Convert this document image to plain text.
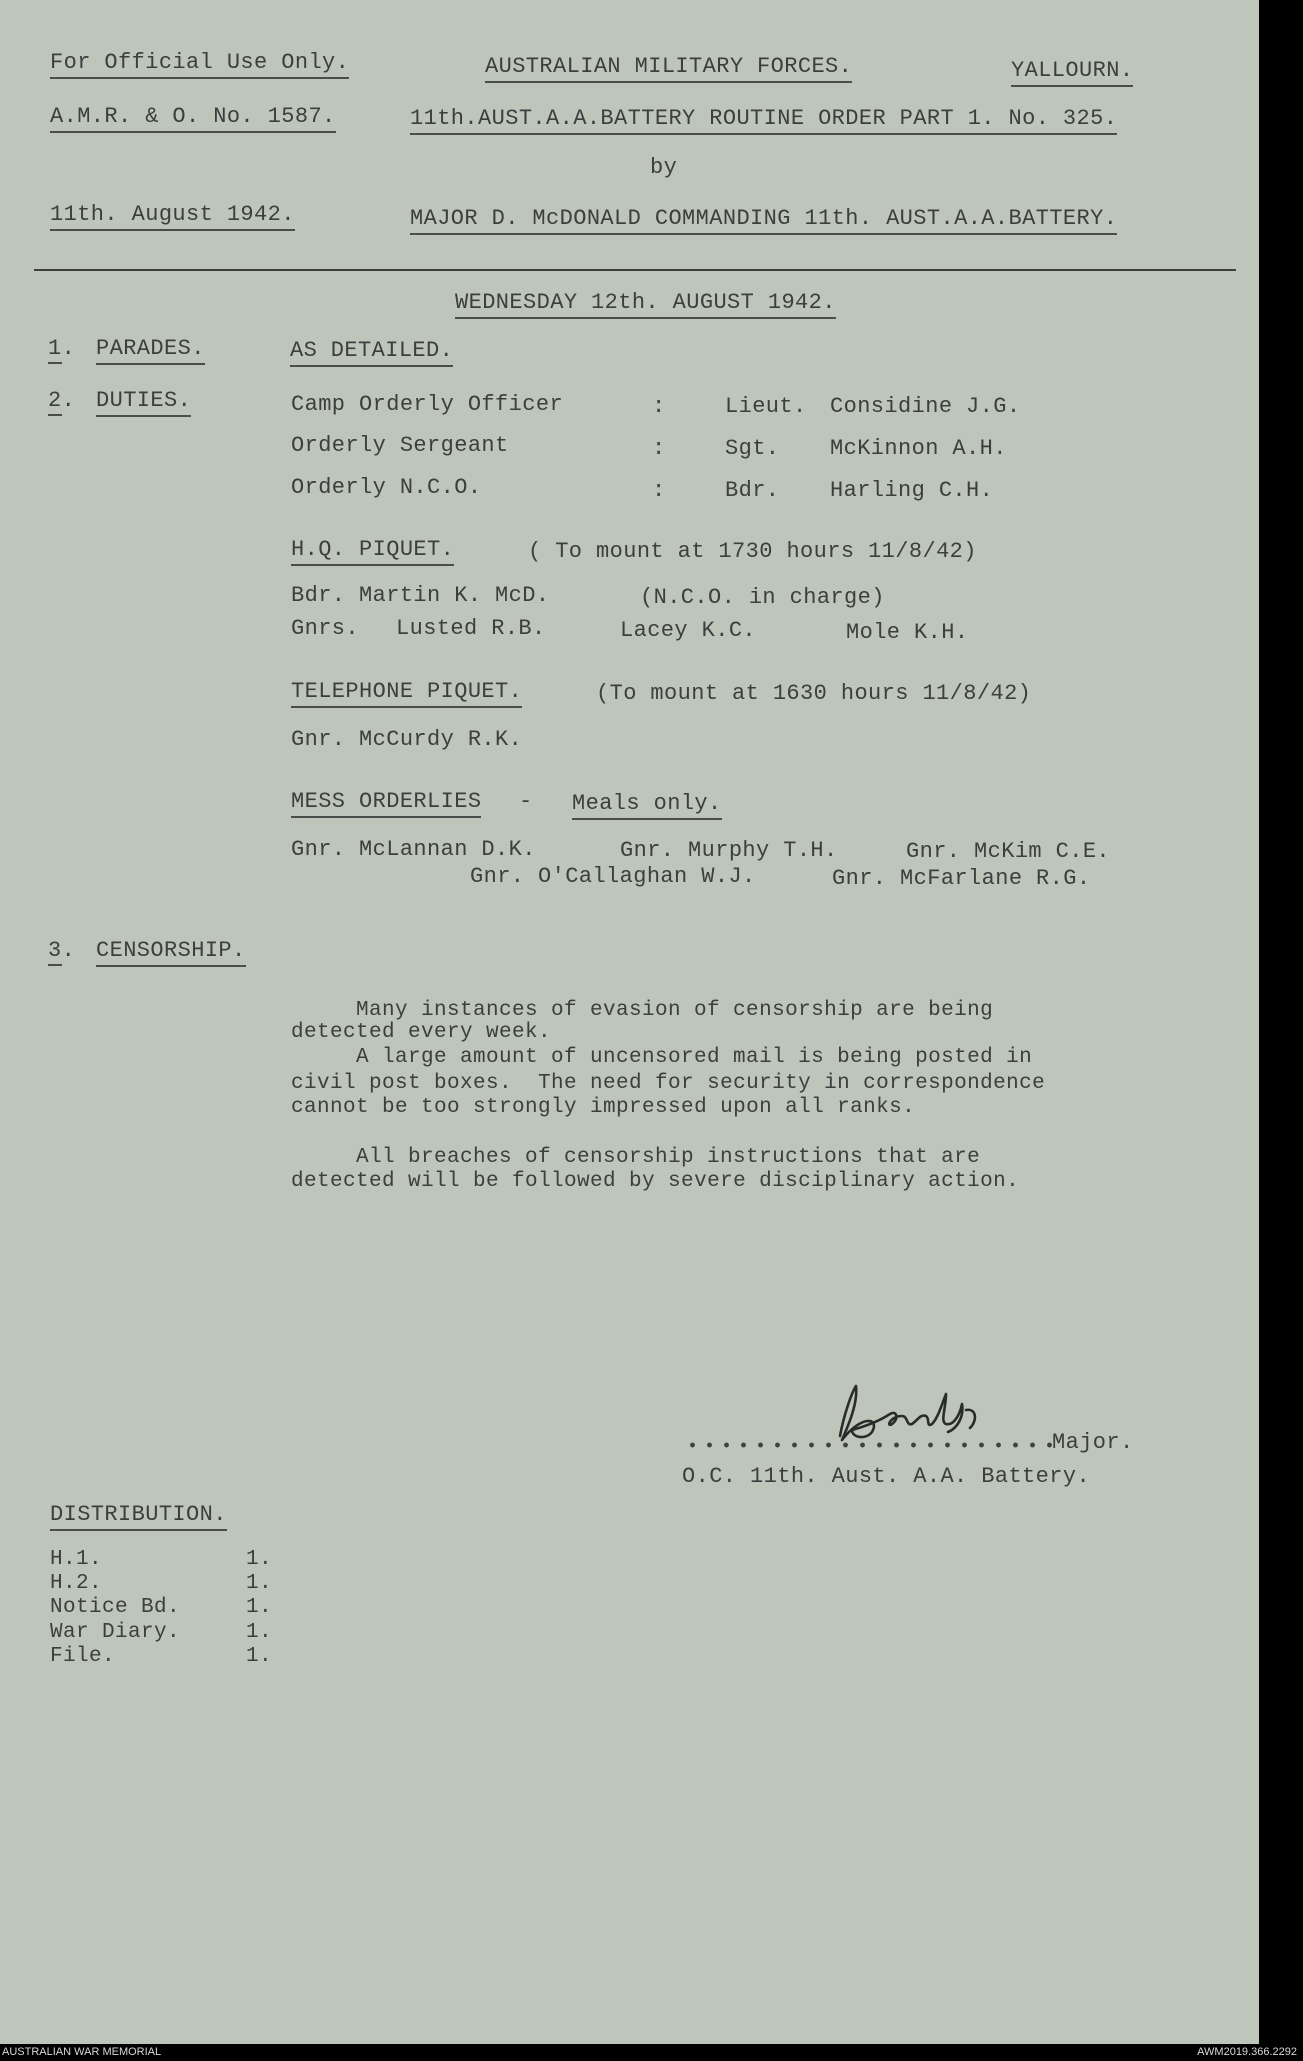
For Official Use Only.	AUSTRALIAN MILITARY FORCES.	YALLOURN.
A.M.R. & O. No. 1587.	11th.AUST.A.A.BATTERY ROUTINE ORDER PART 1. No. 325.
by
11th. August 1942.	MAJOR D. McDONALD COMMANDING 11th. AUST.A.A.BATTERY.
WEDNESDAY 12th. AUGUST 1942.
1. PARADES.	AS DETAILED.
2. DUTIES.	Camp Orderly Officer	:	Lieut. Considine J.G.
Orderly Sergeant	:	Sgt. McKinnon A.H.
Orderly N.C.O.	:	Bdr. Harling C.H.
H.Q. PIQUET.	( To mount at 1730 hours 11/8/42)
Bdr. Martin K. McD.	(N.C.O. in charge)
Gnrs. Lusted R.B.	Lacey K.C.	Mole K.H.
TELEPHONE PIQUET.	(To mount at 1630 hours 11/8/42)
Gnr. McCurdy R.K.
MESS ORDERLIES - Meals only.
Gnr. McLannan D.K.	Gnr. Murphy T.H.	Gnr. McKim C.E.
Gnr. O'Callaghan W.J.	Gnr. McFarlane R.G.
3. CENSORSHIP.
Many instances of evasion of censorship are being
detected every week.
A large amount of uncensored mail is being posted in
civil post boxes.  The need for security in correspondence
cannot be too strongly impressed upon all ranks.
All breaches of censorship instructions that are
detected will be followed by severe disciplinary action.
Major.
O.C. 11th. Aust. A.A. Battery.
DISTRIBUTION.
H.1.	1.
H.2.	1.
Notice Bd.	1.
War Diary.	1.
File.	1.
AUSTRALIAN WAR MEMORIAL	AWM2019.366.2292
